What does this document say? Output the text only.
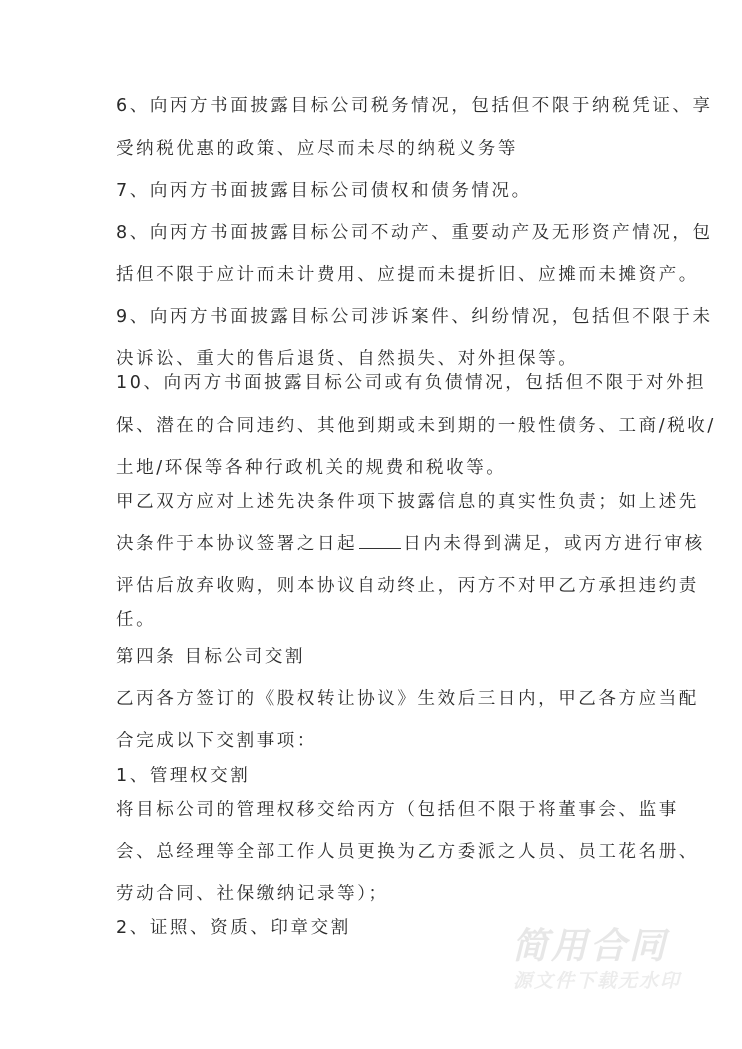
6、向丙方书面披露目标公司税务情况，包括但不限于纳税凭证、享
受纳税优惠的政策、应尽而未尽的纳税义务等
7、向丙方书面披露目标公司债权和债务情况。
8、向丙方书面披露目标公司不动产、重要动产及无形资产情况，包
括但不限于应计而未计费用、应提而未提折旧、应摊而未摊资产。
9、向丙方书面披露目标公司涉诉案件、纠纷情况，包括但不限于未
决诉讼、重大的售后退货、自然损失、对外担保等。
10、向丙方书面披露目标公司或有负债情况，包括但不限于对外担
保、潜在的合同违约、其他到期或未到期的一般性债务、工商/税收/
土地/环保等各种行政机关的规费和税收等。
甲乙双方应对上述先决条件项下披露信息的真实性负责；如上述先
决条件于本协议签署之日起	日内未得到满足，或丙方进行审核
评估后放弃收购，则本协议自动终止，丙方不对甲乙方承担违约责
任。
第四条 目标公司交割
乙丙各方签订的《股权转让协议》生效后三日内，甲乙各方应当配
合完成以下交割事项：
1、管理权交割
将目标公司的管理权移交给丙方（包括但不限于将董事会、监事
会、总经理等全部工作人员更换为乙方委派之人员、员工花名册、
劳动合同、社保缴纳记录等）；
2、证照、资质、印章交割	简用合同
源文件下载无水印
